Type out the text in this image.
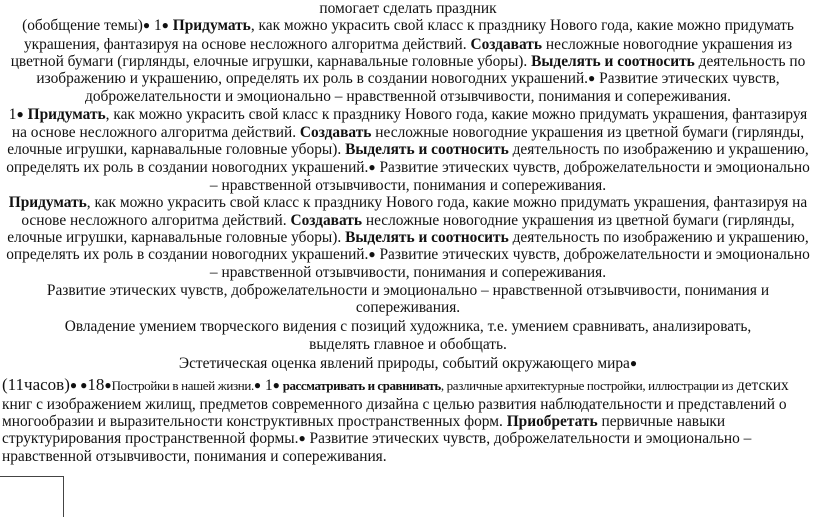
помогает сделать праздник

(обобщение темы)● 1● Придумать, как можно украсить свой класс к празднику Нового года, какие можно придумать украшения, фантазируя на основе несложного алгоритма действий. Создавать несложные новогодние украшения из цветной бумаги (гирлянды, елочные игрушки, карнавальные головные уборы). Выделять и соотносить деятельность по изображению и украшению, определять их роль в создании новогодних украшений.● Развитие этических чувств, доброжелательности и эмоционально – нравственной отзывчивости, понимания и сопереживания.

1● Придумать, как можно украсить свой класс к празднику Нового года, какие можно придумать украшения, фантазируя на основе несложного алгоритма действий. Создавать несложные новогодние украшения из цветной бумаги (гирлянды, елочные игрушки, карнавальные головные уборы). Выделять и соотносить деятельность по изображению и украшению, определять их роль в создании новогодних украшений.● Развитие этических чувств, доброжелательности и эмоционально – нравственной отзывчивости, понимания и сопереживания.

Придумать, как можно украсить свой класс к празднику Нового года, какие можно придумать украшения, фантазируя на основе несложного алгоритма действий. Создавать несложные новогодние украшения из цветной бумаги (гирлянды, елочные игрушки, карнавальные головные уборы). Выделять и соотносить деятельность по изображению и украшению, определять их роль в создании новогодних украшений.● Развитие этических чувств, доброжелательности и эмоционально – нравственной отзывчивости, понимания и сопереживания.

Развитие этических чувств, доброжелательности и эмоционально – нравственной отзывчивости, понимания и сопереживания.

Овладение умением творческого видения с позиций художника, т.е. умением сравнивать, анализировать, выделять главное и обобщать.

Эстетическая оценка явлений природы, событий окружающего мира●

(11часов)● ●18●Постройки в нашей жизни.● 1● рассматривать и сравнивать, различные архитектурные постройки, иллюстрации из детских книг с изображением жилищ, предметов современного дизайна с целью развития наблюдательности и представлений о многообразии и выразительности конструктивных пространственных форм. Приобретать первичные навыки структурирования пространственной формы.● Развитие этических чувств, доброжелательности и эмоционально – нравственной отзывчивости, понимания и сопереживания.
